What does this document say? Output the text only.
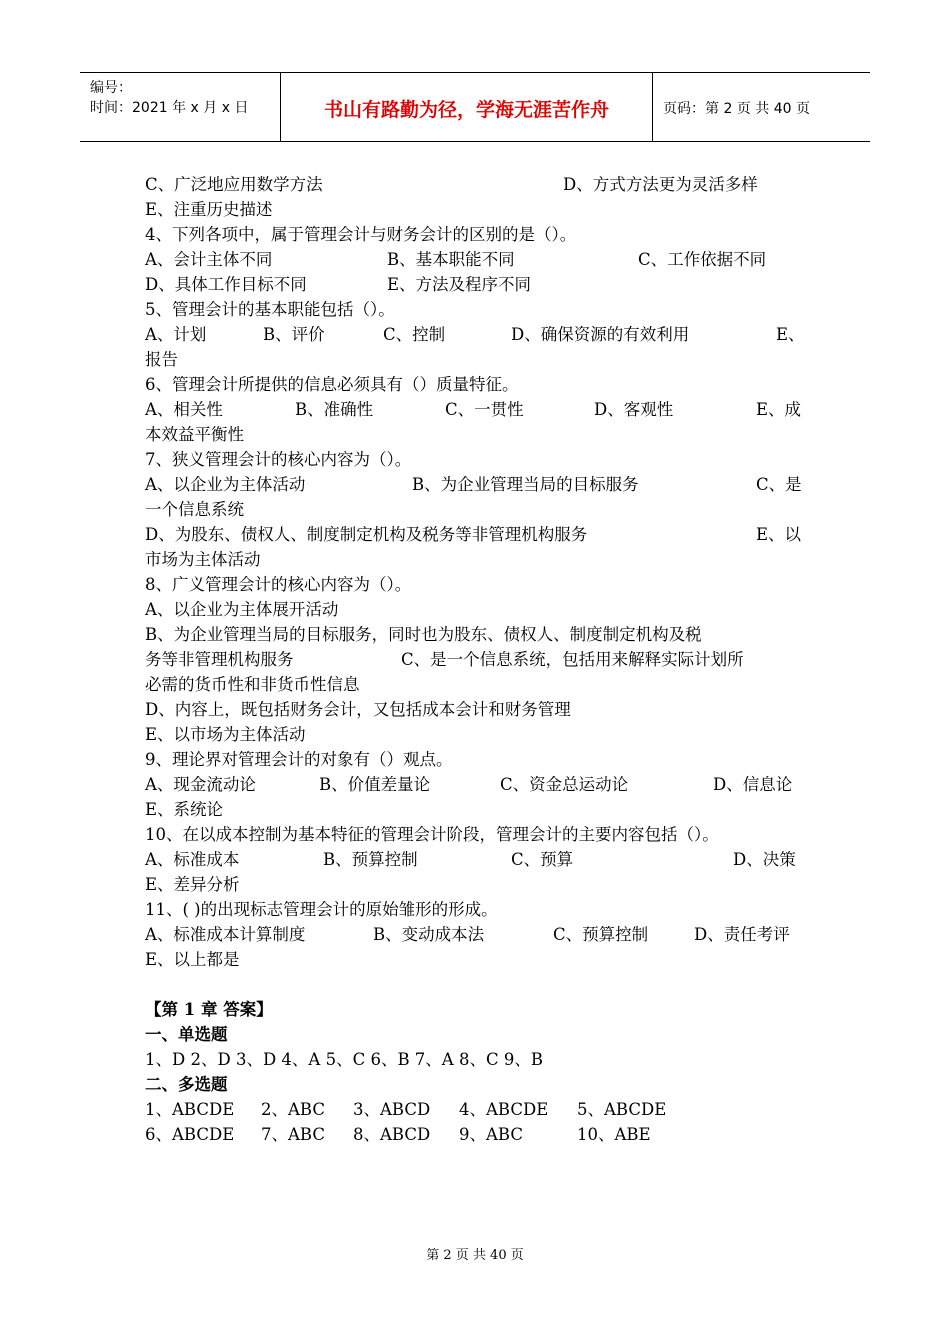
编号：
时间：2021 年 x 月 x 日	书山有路勤为径，学海无涯苦作舟	页码：第 2 页 共 40 页
C、广泛地应用数学方法	D、方式方法更为灵活多样
E、注重历史描述
4、下列各项中，属于管理会计与财务会计的区别的是（）。
A、会计主体不同	B、基本职能不同	C、工作依据不同
D、具体工作目标不同	E、方法及程序不同
5、管理会计的基本职能包括（）。
A、计划	B、评价	C、控制	D、确保资源的有效利用	E、
报告
6、管理会计所提供的信息必须具有（）质量特征。
A、相关性	B、准确性	C、一贯性	D、客观性	E、成
本效益平衡性
7、狭义管理会计的核心内容为（）。
A、以企业为主体活动	B、为企业管理当局的目标服务	C、是
一个信息系统
D、为股东、债权人、制度制定机构及税务等非管理机构服务	E、以
市场为主体活动
8、广义管理会计的核心内容为（）。
A、以企业为主体展开活动
B、为企业管理当局的目标服务，同时也为股东、债权人、制度制定机构及税
务等非管理机构服务	C、是一个信息系统，包括用来解释实际计划所
必需的货币性和非货币性信息
D、内容上，既包括财务会计，又包括成本会计和财务管理
E、以市场为主体活动
9、理论界对管理会计的对象有（）观点。
A、现金流动论	B、价值差量论	C、资金总运动论	D、信息论
E、系统论
10、在以成本控制为基本特征的管理会计阶段，管理会计的主要内容包括（）。
A、标准成本	B、预算控制	C、预算	D、决策
E、差异分析
11、( )的出现标志管理会计的原始雏形的形成。
A、标准成本计算制度	B、变动成本法	C、预算控制	D、责任考评
E、以上都是
【第 1 章 答案】
一、单选题
1、D 2、D 3、D 4、A 5、C 6、B 7、A 8、C 9、B
二、多选题
1、ABCDE 2、ABC 3、ABCD 4、ABCDE 5、ABCDE
6、ABCDE 7、ABC 8、ABCD 9、ABC	10、ABE
第 2 页 共 40 页
